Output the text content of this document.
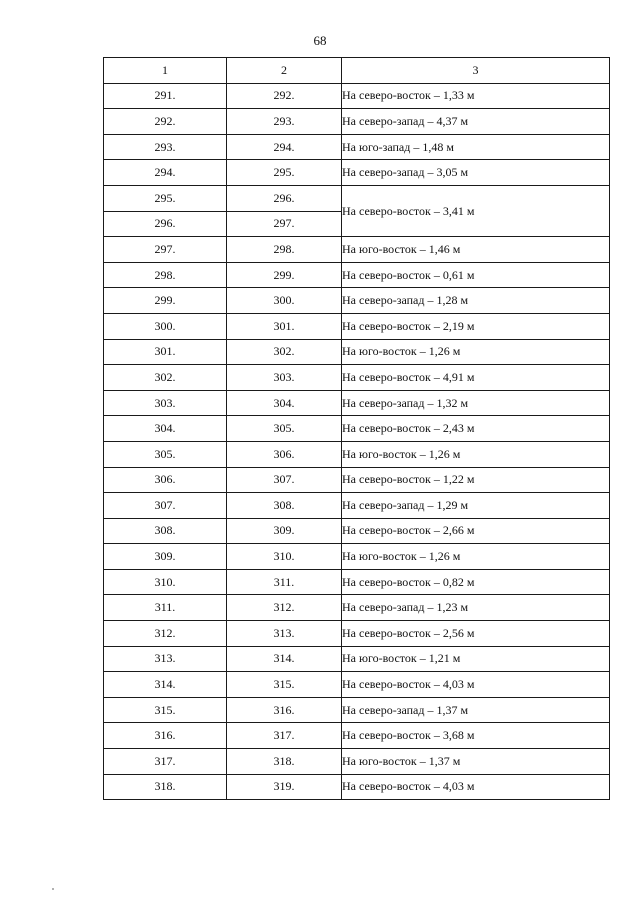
68
1	2	3
291.	292.	На северо-восток – 1,33 м
292.	293.	На северо-запад – 4,37 м
293.	294.	На юго-запад – 1,48 м
294.	295.	На северо-запад – 3,05 м
295.	296.	На северо-восток – 3,41 м
296.	297.	
297.	298.	На юго-восток – 1,46 м
298.	299.	На северо-восток – 0,61 м
299.	300.	На северо-запад – 1,28 м
300.	301.	На северо-восток – 2,19 м
301.	302.	На юго-восток – 1,26 м
302.	303.	На северо-восток – 4,91 м
303.	304.	На северо-запад – 1,32 м
304.	305.	На северо-восток – 2,43 м
305.	306.	На юго-восток – 1,26 м
306.	307.	На северо-восток – 1,22 м
307.	308.	На северо-запад – 1,29 м
308.	309.	На северо-восток – 2,66 м
309.	310.	На юго-восток – 1,26 м
310.	311.	На северо-восток – 0,82 м
311.	312.	На северо-запад – 1,23 м
312.	313.	На северо-восток – 2,56 м
313.	314.	На юго-восток – 1,21 м
314.	315.	На северо-восток – 4,03 м
315.	316.	На северо-запад – 1,37 м
316.	317.	На северо-восток – 3,68 м
317.	318.	На юго-восток – 1,37 м
318.	319.	На северо-восток – 4,03 м
